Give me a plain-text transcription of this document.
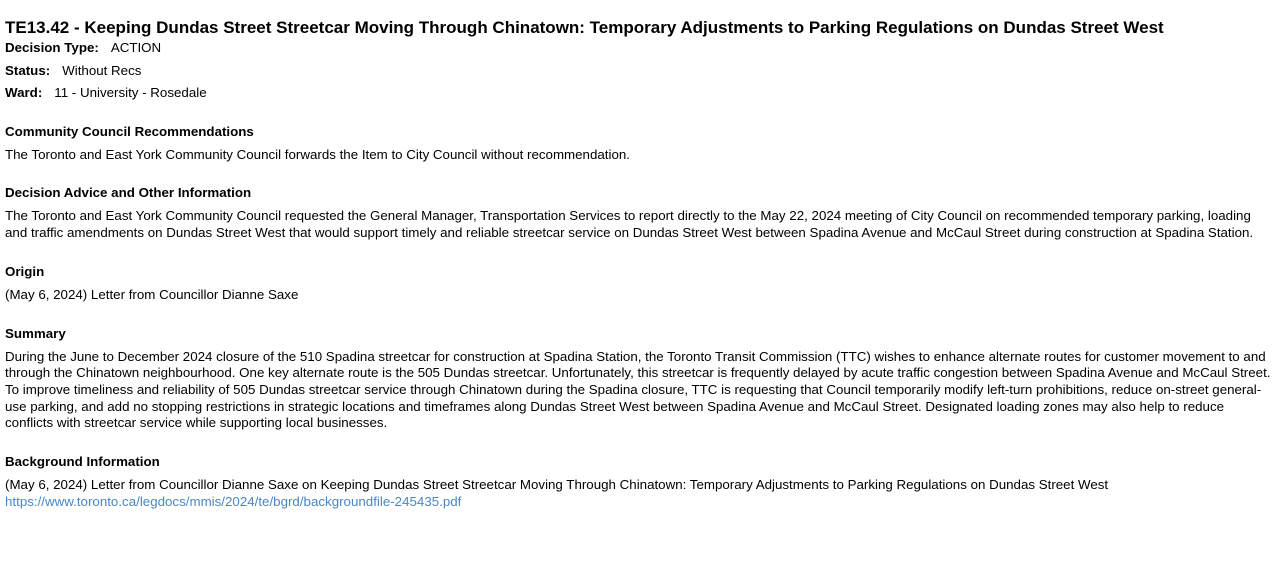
TE13.42 - Keeping Dundas Street Streetcar Moving Through Chinatown: Temporary Adjustments to Parking Regulations on Dundas Street West
Decision Type: ACTION
Status: Without Recs
Ward: 11 - University - Rosedale
Community Council Recommendations

The Toronto and East York Community Council forwards the Item to City Council without recommendation.

Decision Advice and Other Information

The Toronto and East York Community Council requested the General Manager, Transportation Services to report directly to the May 22, 2024 meeting of City Council on recommended temporary parking, loading and traffic amendments on Dundas Street West that would support timely and reliable streetcar service on Dundas Street West between Spadina Avenue and McCaul Street during construction at Spadina Station.

Origin

(May 6, 2024) Letter from Councillor Dianne Saxe

Summary

During the June to December 2024 closure of the 510 Spadina streetcar for construction at Spadina Station, the Toronto Transit Commission (TTC) wishes to enhance alternate routes for customer movement to and through the Chinatown neighbourhood. One key alternate route is the 505 Dundas streetcar. Unfortunately, this streetcar is frequently delayed by acute traffic congestion between Spadina Avenue and McCaul Street. To improve timeliness and reliability of 505 Dundas streetcar service through Chinatown during the Spadina closure, TTC is requesting that Council temporarily modify left-turn prohibitions, reduce on-street general-use parking, and add no stopping restrictions in strategic locations and timeframes along Dundas Street West between Spadina Avenue and McCaul Street. Designated loading zones may also help to reduce conflicts with streetcar service while supporting local businesses.

Background Information

(May 6, 2024) Letter from Councillor Dianne Saxe on Keeping Dundas Street Streetcar Moving Through Chinatown: Temporary Adjustments to Parking Regulations on Dundas Street West
https://www.toronto.ca/legdocs/mmis/2024/te/bgrd/backgroundfile-245435.pdf
